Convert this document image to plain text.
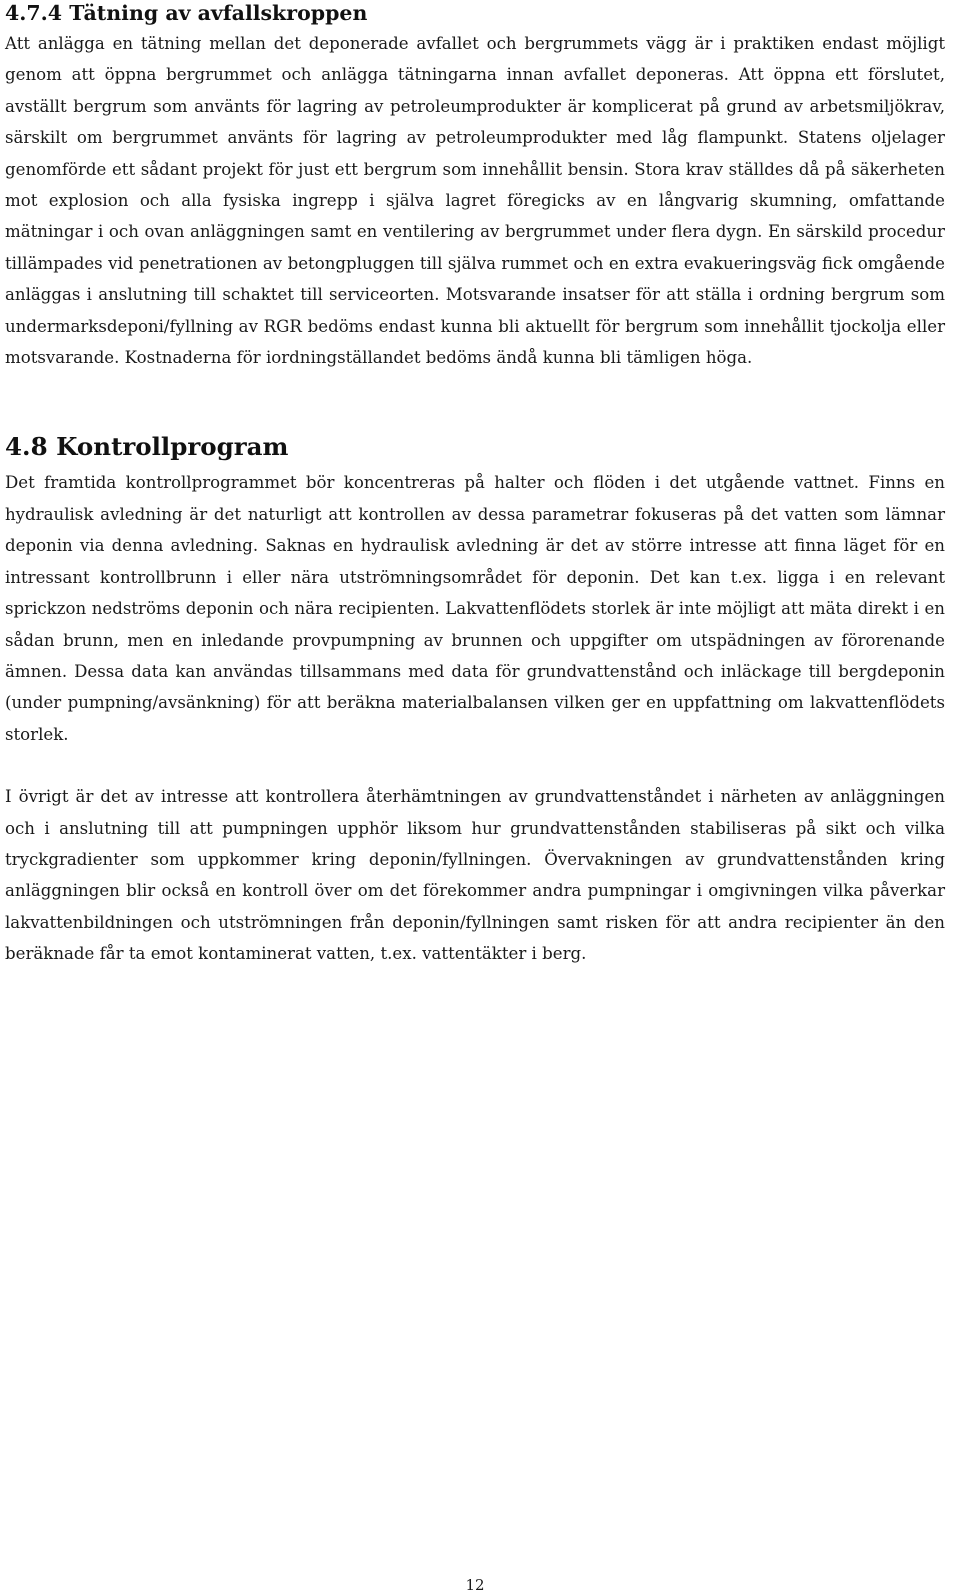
4.7.4 Tätning av avfallskroppen

Att anlägga en tätning mellan det deponerade avfallet och bergrummets vägg är i praktiken endast möjligt genom att öppna bergrummet och anlägga tätningarna innan avfallet deponeras. Att öppna ett förslutet, avställt bergrum som använts för lagring av petroleumprodukter är komplicerat på grund av arbetsmiljökrav, särskilt om bergrummet använts för lagring av petroleumprodukter med låg flampunkt. Statens oljelager genomförde ett sådant projekt för just ett bergrum som innehållit bensin. Stora krav ställdes då på säkerheten mot explosion och alla fysiska ingrepp i själva lagret föregicks av en långvarig skumning, omfattande mätningar i och ovan anläggningen samt en ventilering av bergrummet under flera dygn. En särskild procedur tillämpades vid penetrationen av betongpluggen till själva rummet och en extra evakueringsväg fick omgående anläggas i anslutning till schaktet till serviceorten. Motsvarande insatser för att ställa i ordning bergrum som undermarksdeponi/fyllning av RGR bedöms endast kunna bli aktuellt för bergrum som innehållit tjockolja eller motsvarande. Kostnaderna för iordningställandet bedöms ändå kunna bli tämligen höga.

4.8 Kontrollprogram

Det framtida kontrollprogrammet bör koncentreras på halter och flöden i det utgående vattnet. Finns en hydraulisk avledning är det naturligt att kontrollen av dessa parametrar fokuseras på det vatten som lämnar deponin via denna avledning. Saknas en hydraulisk avledning är det av större intresse att finna läget för en intressant kontrollbrunn i eller nära utströmningsområdet för deponin. Det kan t.ex. ligga i en relevant sprickzon nedströms deponin och nära recipienten. Lakvattenflödets storlek är inte möjligt att mäta direkt i en sådan brunn, men en inledande provpumpning av brunnen och uppgifter om utspädningen av förorenande ämnen. Dessa data kan användas tillsammans med data för grundvattenstånd och inläckage till bergdeponin (under pumpning/avsänkning) för att beräkna materialbalansen vilken ger en uppfattning om lakvattenflödets storlek.

I övrigt är det av intresse att kontrollera återhämtningen av grundvattenståndet i närheten av anläggningen och i anslutning till att pumpningen upphör liksom hur grundvattenstånden stabiliseras på sikt och vilka tryckgradienter som uppkommer kring deponin/fyllningen. Övervakningen av grundvattenstånden kring anläggningen blir också en kontroll över om det förekommer andra pumpningar i omgivningen vilka påverkar lakvattenbildningen och utströmningen från deponin/fyllningen samt risken för att andra recipienter än den beräknade får ta emot kontaminerat vatten, t.ex. vattentäkter i berg.

12
